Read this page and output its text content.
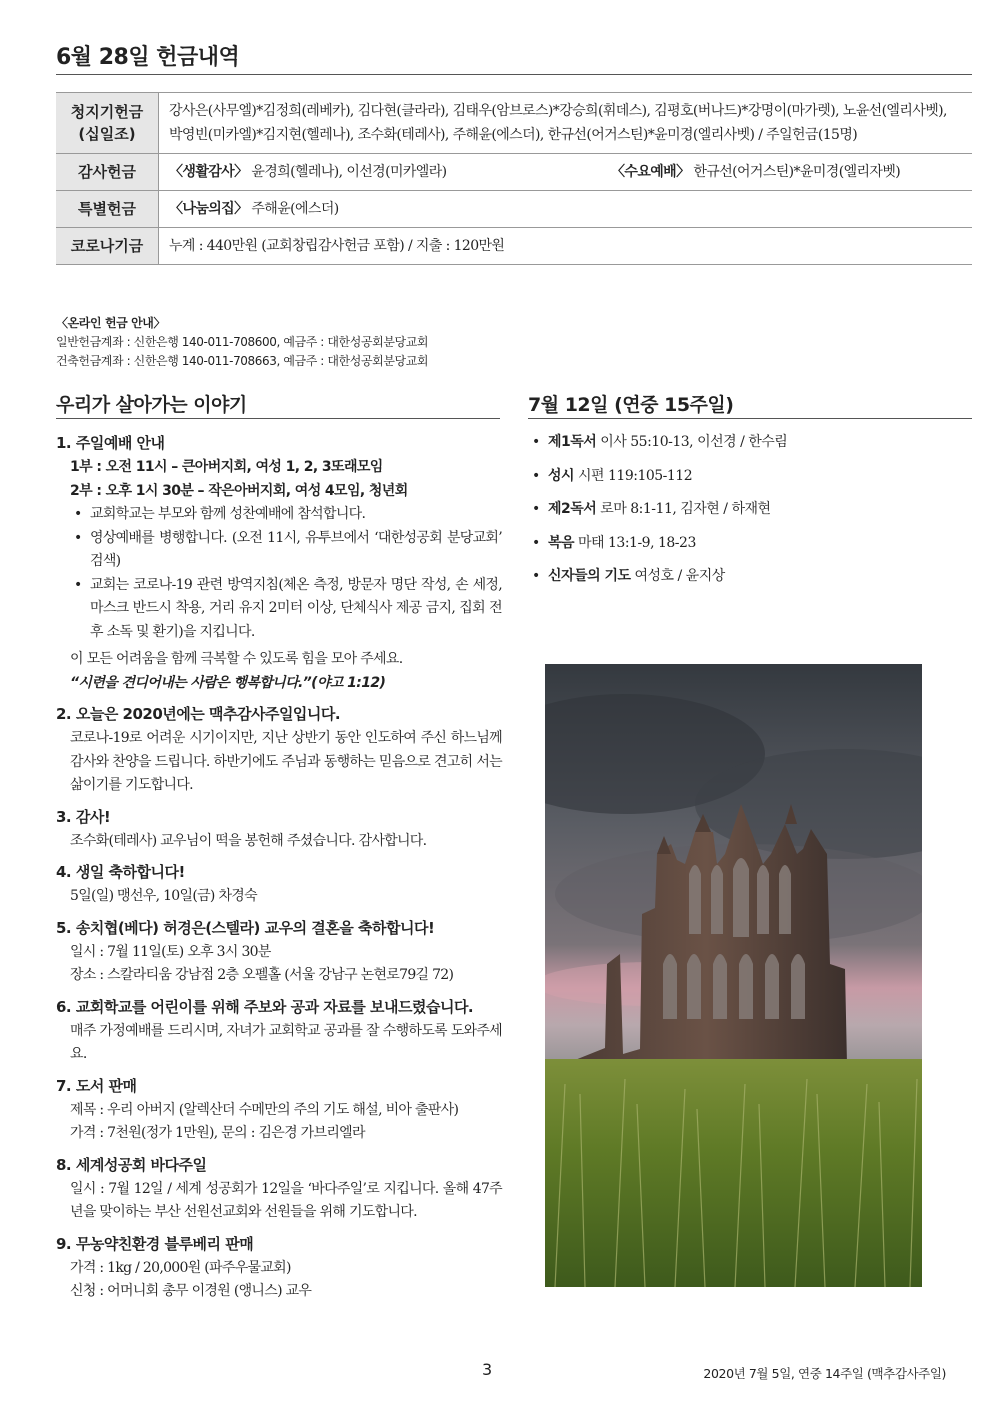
6월 28일 헌금내역
청지기헌금
(십일조)	강사은(사무엘)*김정희(레베카), 김다현(클라라), 김태우(암브로스)*강승희(휘데스), 김평호(버나드)*강명이(마가렛), 노윤선(엘리사벳), 박영빈(미카엘)*김지현(헬레나), 조수화(테레사), 주해윤(에스더), 한규선(어거스틴)*윤미경(엘리사벳) / 주일헌금(15명)
감사헌금	〈생활감사〉 윤경희(헬레나), 이선경(미카엘라) 〈수요예배〉 한규선(어거스틴)*윤미경(엘리자벳)

특별헌금	〈나눔의집〉 주해윤(에스더)
코로나기금	누계 : 440만원 (교회창립감사헌금 포함) / 지출 : 120만원
〈온라인 헌금 안내〉
일반헌금계좌 : 신한은행 140-011-708600, 예금주 : 대한성공회분당교회
건축헌금계좌 : 신한은행 140-011-708663, 예금주 : 대한성공회분당교회
우리가 살아가는 이야기	7월 12일 (연중 15주일)
1. 주일예배 안내
1부 : 오전 11시 – 큰아버지회, 여성 1, 2, 3또래모임
2부 : 오후 1시 30분 – 작은아버지회, 여성 4모임, 청년회
• 교회학교는 부모와 함께 성찬예배에 참석합니다.
• 영상예배를 병행합니다. (오전 11시, 유투브에서 ‘대한성공회 분당교회’ 검색)
• 교회는 코로나-19 관련 방역지침(체온 측정, 방문자 명단 작성, 손 세정, 마스크 반드시 착용, 거리 유지 2미터 이상, 단체식사 제공 금지, 집회 전후 소독 및 환기)을 지킵니다.
이 모든 어려움을 함께 극복할 수 있도록 힘을 모아 주세요.
“시련을 견디어내는 사람은 행복합니다.”(야고 1:12)
2. 오늘은 2020년에는 맥추감사주일입니다.
코로나-19로 어려운 시기이지만, 지난 상반기 동안 인도하여 주신 하느님께 감사와 찬양을 드립니다. 하반기에도 주님과 동행하는 믿음으로 견고히 서는 삶이기를 기도합니다.
3. 감사!
조수화(테레사) 교우님이 떡을 봉헌해 주셨습니다. 감사합니다.
4. 생일 축하합니다!
5일(일) 맹선우, 10일(금) 차경숙
5. 송치협(베다) 허경은(스텔라) 교우의 결혼을 축하합니다!
일시 : 7월 11일(토) 오후 3시 30분
장소 : 스칼라티움 강남점 2층 오펠홀 (서울 강남구 논현로79길 72)
6. 교회학교를 어린이를 위해 주보와 공과 자료를 보내드렸습니다.
매주 가정예배를 드리시며, 자녀가 교회학교 공과를 잘 수행하도록 도와주세요.
7. 도서 판매
제목 : 우리 아버지 (알렉산더 수메만의 주의 기도 해설, 비아 출판사)
가격 : 7천원(정가 1만원), 문의 : 김은경 가브리엘라
8. 세계성공회 바다주일
일시 : 7월 12일 / 세계 성공회가 12일을 ‘바다주일’로 지킵니다. 올해 47주년을 맞이하는 부산 선원선교회와 선원들을 위해 기도합니다.
9. 무농약친환경 블루베리 판매
가격 : 1kg / 20,000원 (파주우물교회)
신청 : 어머니회 총무 이경원 (앵니스) 교우
• 제1독서 이사 55:10-13, 이선경 / 한수림
• 성시 시편 119:105-112
• 제2독서 로마 8:1-11, 김자현 / 하재현
• 복음 마태 13:1-9, 18-23
• 신자들의 기도 여성호 / 윤지상
3	2020년 7월 5일, 연중 14주일 (맥추감사주일)
